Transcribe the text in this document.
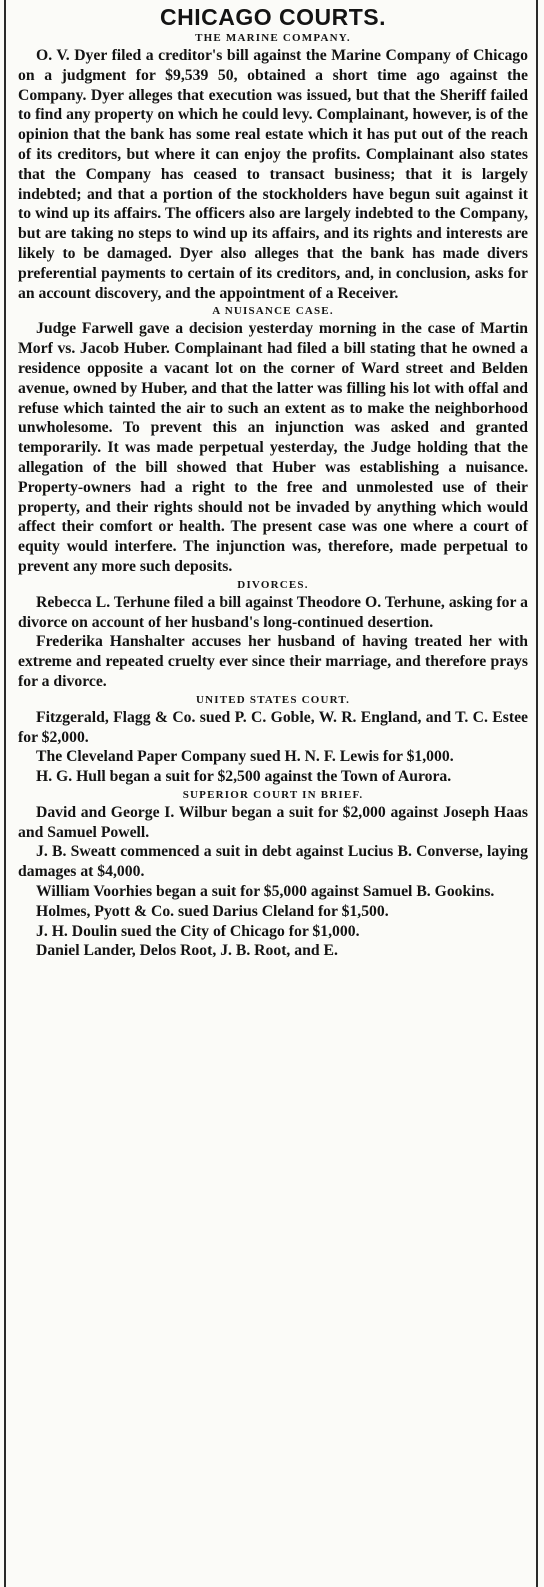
CHICAGO COURTS.
THE MARINE COMPANY.

O. V. Dyer filed a creditor's bill against the Marine Company of Chicago on a judgment for $9,539 50, obtained a short time ago against the Company. Dyer alleges that execution was issued, but that the Sheriff failed to find any property on which he could levy. Complainant, however, is of the opinion that the bank has some real estate which it has put out of the reach of its creditors, but where it can enjoy the profits. Complainant also states that the Company has ceased to transact business; that it is largely indebted; and that a portion of the stockholders have begun suit against it to wind up its affairs. The officers also are largely indebted to the Company, but are taking no steps to wind up its affairs, and its rights and interests are likely to be damaged. Dyer also alleges that the bank has made divers preferential payments to certain of its creditors, and, in conclusion, asks for an account discovery, and the appointment of a Receiver.

A NUISANCE CASE.

Judge Farwell gave a decision yesterday morning in the case of Martin Morf vs. Jacob Huber. Complainant had filed a bill stating that he owned a residence opposite a vacant lot on the corner of Ward street and Belden avenue, owned by Huber, and that the latter was filling his lot with offal and refuse which tainted the air to such an extent as to make the neighborhood unwholesome. To prevent this an injunction was asked and granted temporarily. It was made perpetual yesterday, the Judge holding that the allegation of the bill showed that Huber was establishing a nuisance. Property-owners had a right to the free and unmolested use of their property, and their rights should not be invaded by anything which would affect their comfort or health. The present case was one where a court of equity would interfere. The injunction was, therefore, made perpetual to prevent any more such deposits.

DIVORCES.

Rebecca L. Terhune filed a bill against Theodore O. Terhune, asking for a divorce on account of her husband's long-continued desertion.

Frederika Hanshalter accuses her husband of having treated her with extreme and repeated cruelty ever since their marriage, and therefore prays for a divorce.

UNITED STATES COURT.

Fitzgerald, Flagg & Co. sued P. C. Goble, W. R. England, and T. C. Estee for $2,000.

The Cleveland Paper Company sued H. N. F. Lewis for $1,000.

H. G. Hull began a suit for $2,500 against the Town of Aurora.

SUPERIOR COURT IN BRIEF.

David and George I. Wilbur began a suit for $2,000 against Joseph Haas and Samuel Powell.

J. B. Sweatt commenced a suit in debt against Lucius B. Converse, laying damages at $4,000.

William Voorhies began a suit for $5,000 against Samuel B. Gookins.

Holmes, Pyott & Co. sued Darius Cleland for $1,500.

J. H. Doulin sued the City of Chicago for $1,000.

Daniel Lander, Delos Root, J. B. Root, and E.
